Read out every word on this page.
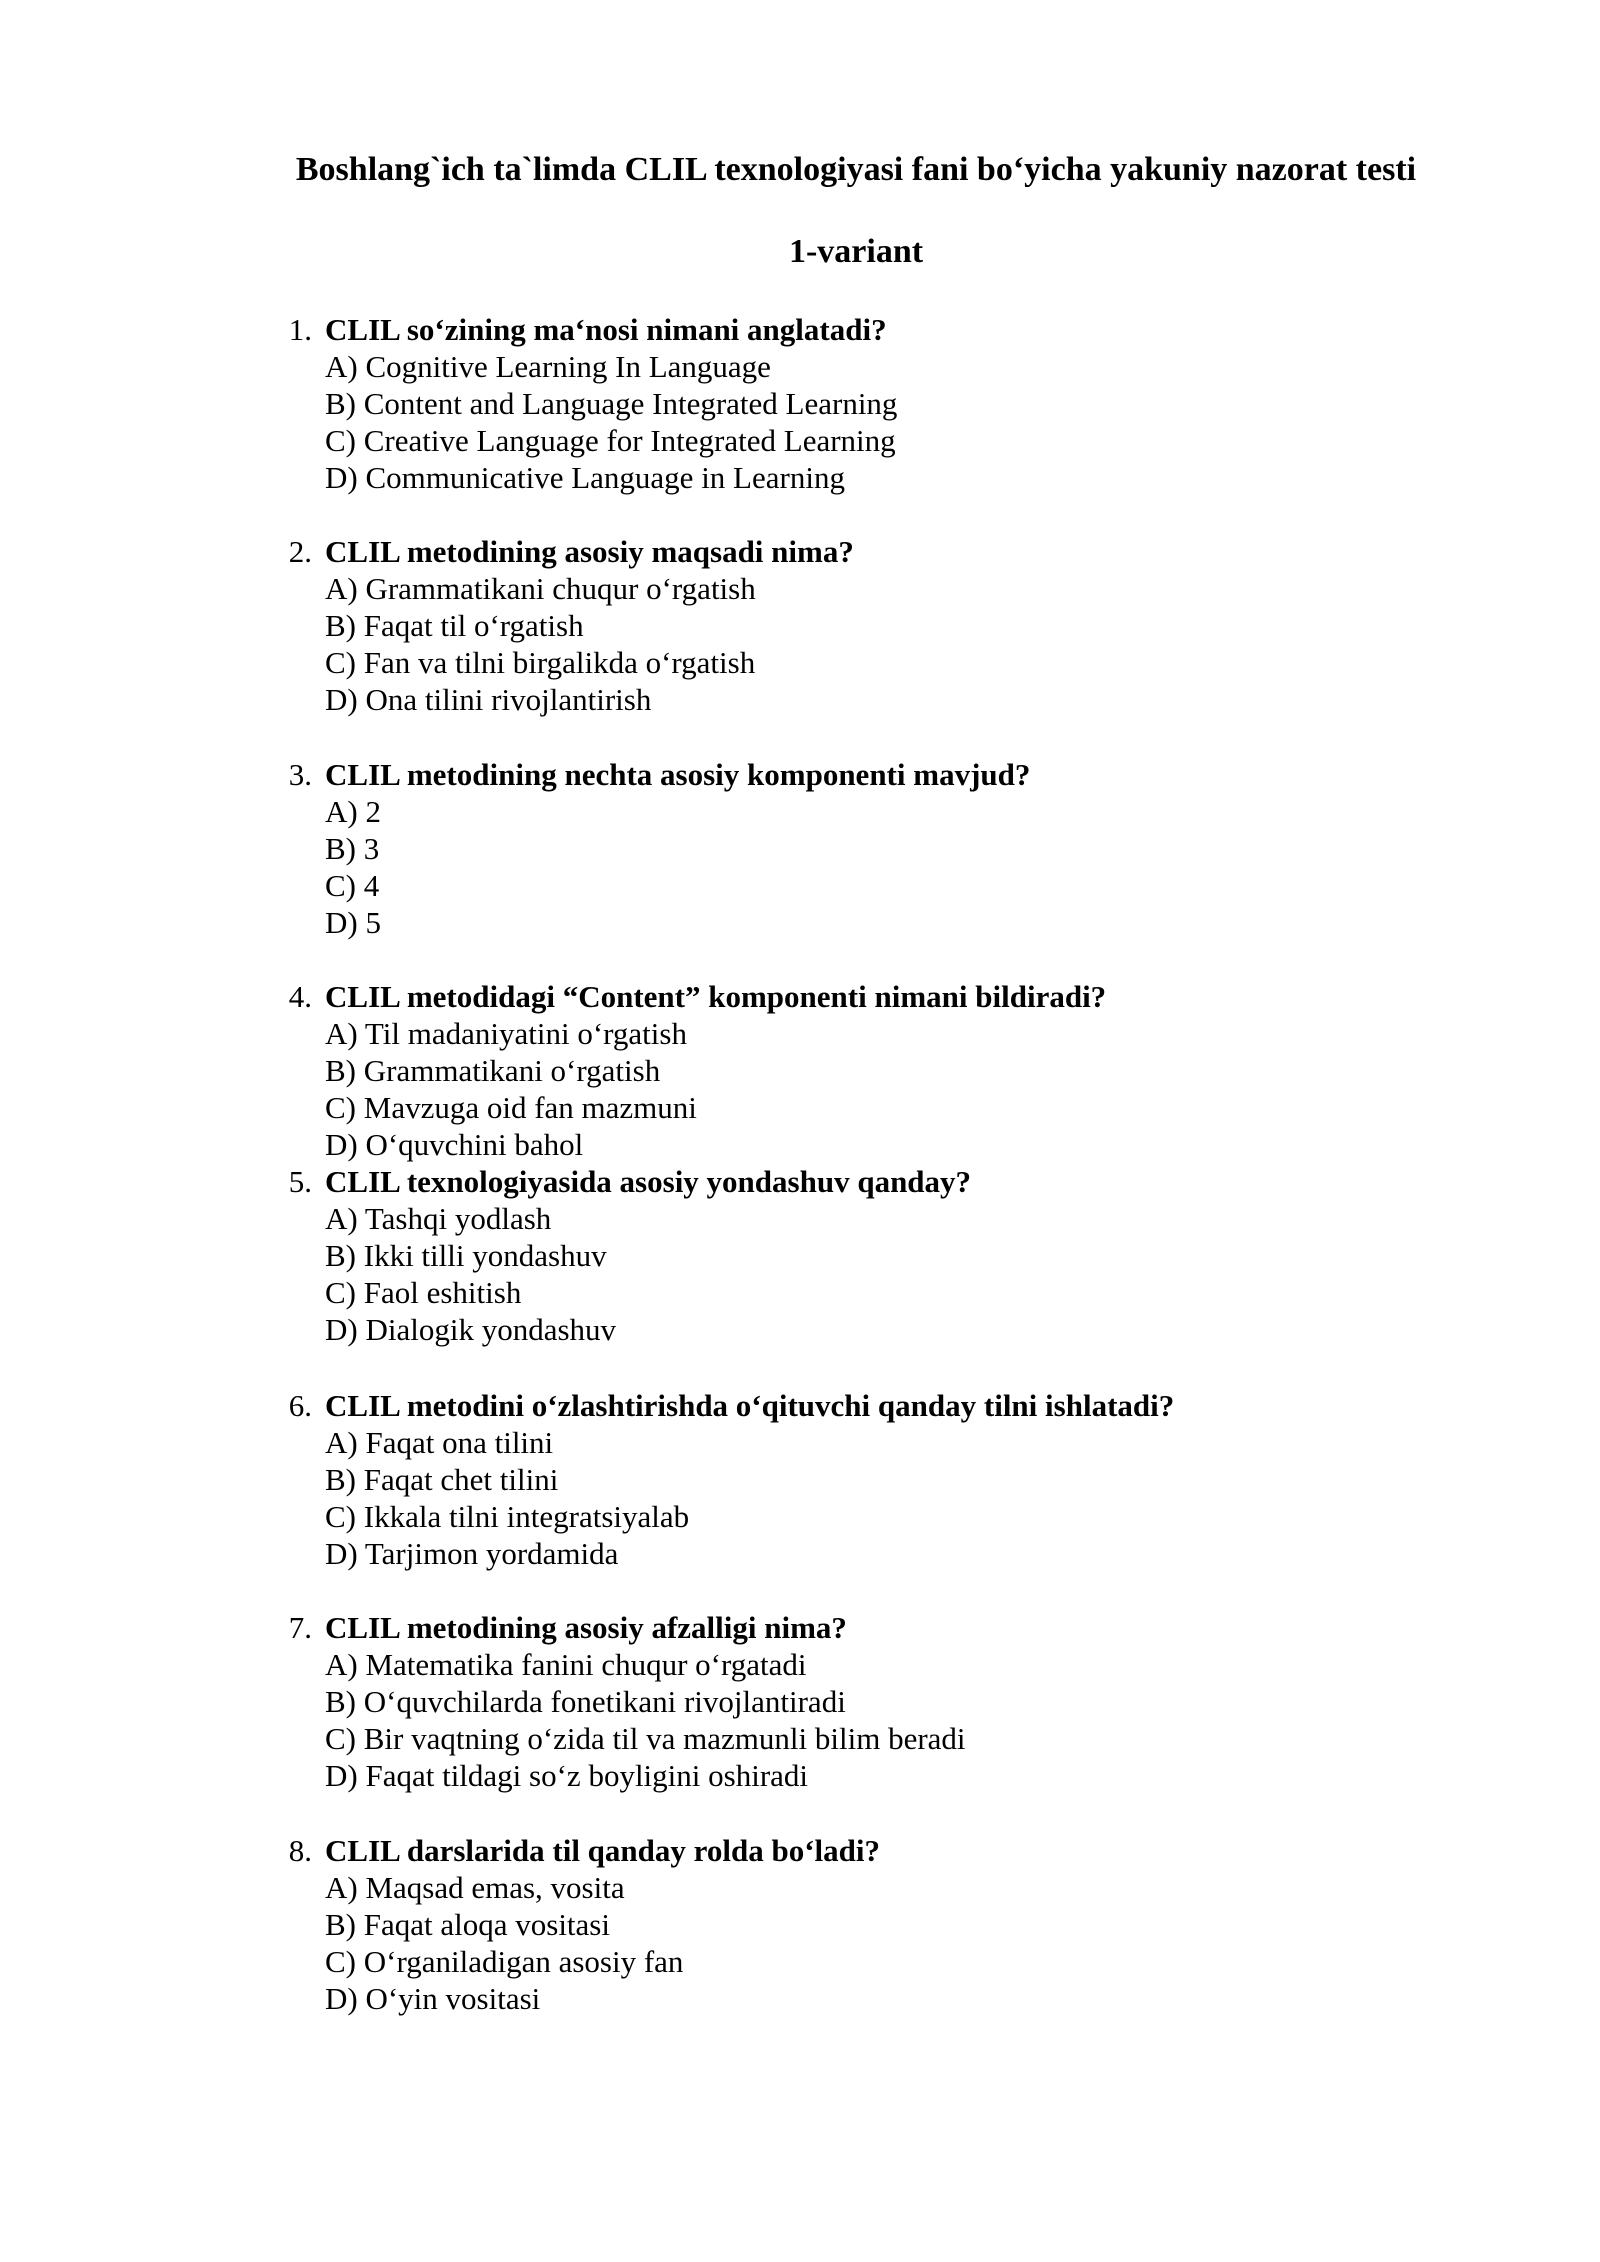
Boshlang`ich ta`limda CLIL texnologiyasi fani bo‘yicha yakuniy nazorat testi
1-variant
1. CLIL so‘zining ma‘nosi nimani anglatadi?
A) Cognitive Learning In Language
B) Content and Language Integrated Learning
C) Creative Language for Integrated Learning
D) Communicative Language in Learning
2. CLIL metodining asosiy maqsadi nima?
A) Grammatikani chuqur o‘rgatish
B) Faqat til o‘rgatish
C) Fan va tilni birgalikda o‘rgatish
D) Ona tilini rivojlantirish
3. CLIL metodining nechta asosiy komponenti mavjud?
A) 2
B) 3
C) 4
D) 5
4. CLIL metodidagi “Content” komponenti nimani bildiradi?
A) Til madaniyatini o‘rgatish
B) Grammatikani o‘rgatish
C) Mavzuga oid fan mazmuni
D) O‘quvchini bahol
5. CLIL texnologiyasida asosiy yondashuv qanday?
A) Tashqi yodlash
B) Ikki tilli yondashuv
C) Faol eshitish
D) Dialogik yondashuv
6. CLIL metodini o‘zlashtirishda o‘qituvchi qanday tilni ishlatadi?
A) Faqat ona tilini
B) Faqat chet tilini
C) Ikkala tilni integratsiyalab
D) Tarjimon yordamida
7. CLIL metodining asosiy afzalligi nima?
A) Matematika fanini chuqur o‘rgatadi
B) O‘quvchilarda fonetikani rivojlantiradi
C) Bir vaqtning o‘zida til va mazmunli bilim beradi
D) Faqat tildagi so‘z boyligini oshiradi
8. CLIL darslarida til qanday rolda bo‘ladi?
A) Maqsad emas, vosita
B) Faqat aloqa vositasi
C) O‘rganiladigan asosiy fan
D) O‘yin vositasi
